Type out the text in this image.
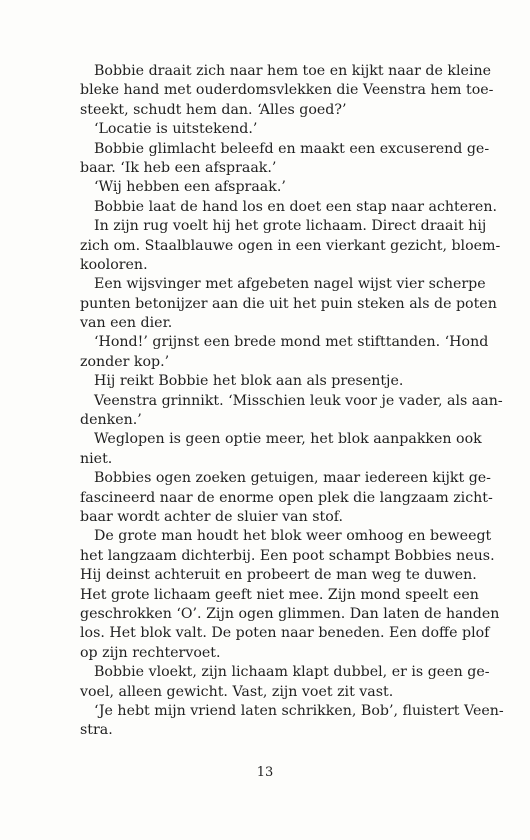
Bobbie draait zich naar hem toe en kijkt naar de kleine
bleke hand met ouderdomsvlekken die Veenstra hem toe-
steekt, schudt hem dan. ‘Alles goed?’
‘Locatie is uitstekend.’
Bobbie glimlacht beleefd en maakt een excuserend ge-
baar. ‘Ik heb een afspraak.’
‘Wij hebben een afspraak.’
Bobbie laat de hand los en doet een stap naar achteren.
In zijn rug voelt hij het grote lichaam. Direct draait hij
zich om. Staalblauwe ogen in een vierkant gezicht, bloem-
kooloren.
Een wijsvinger met afgebeten nagel wijst vier scherpe
punten betonijzer aan die uit het puin steken als de poten
van een dier.
‘Hond!’ grijnst een brede mond met stifttanden. ‘Hond
zonder kop.’
Hij reikt Bobbie het blok aan als presentje.
Veenstra grinnikt. ‘Misschien leuk voor je vader, als aan-
denken.’
Weglopen is geen optie meer, het blok aanpakken ook
niet.
Bobbies ogen zoeken getuigen, maar iedereen kijkt ge-
fascineerd naar de enorme open plek die langzaam zicht-
baar wordt achter de sluier van stof.
De grote man houdt het blok weer omhoog en beweegt
het langzaam dichterbij. Een poot schampt Bobbies neus.
Hij deinst achteruit en probeert de man weg te duwen.
Het grote lichaam geeft niet mee. Zijn mond speelt een
geschrokken ‘O’. Zijn ogen glimmen. Dan laten de handen
los. Het blok valt. De poten naar beneden. Een doffe plof
op zijn rechtervoet.
Bobbie vloekt, zijn lichaam klapt dubbel, er is geen ge-
voel, alleen gewicht. Vast, zijn voet zit vast.
‘Je hebt mijn vriend laten schrikken, Bob’, fluistert Veen-
stra.
13
